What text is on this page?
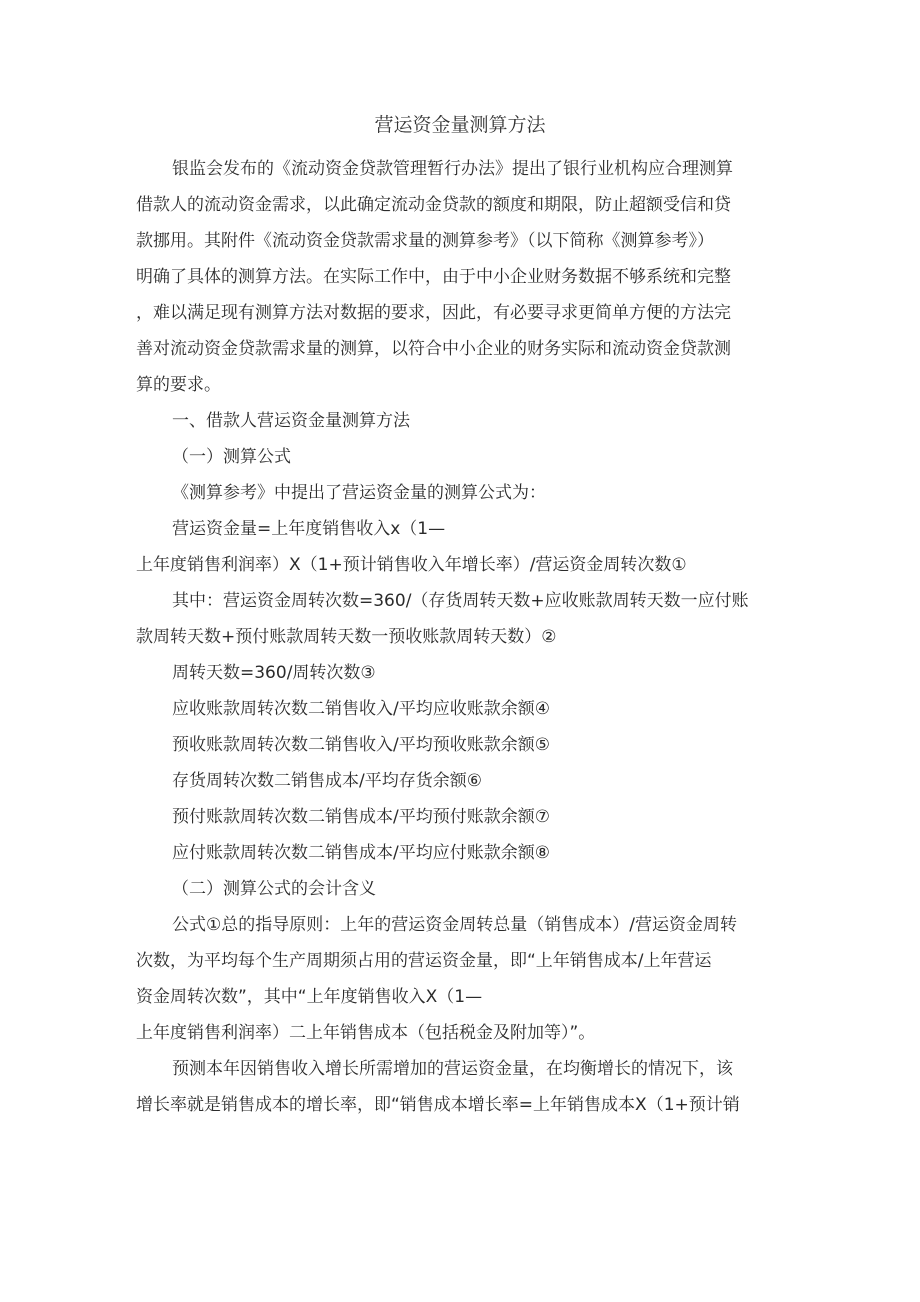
营运资金量测算方法
银监会发布的《流动资金贷款管理暂行办法》提出了银行业机构应合理测算
借款人的流动资金需求，以此确定流动金贷款的额度和期限，防止超额受信和贷
款挪用。其附件《流动资金贷款需求量的测算参考》（以下简称《测算参考》）
明确了具体的测算方法。在实际工作中，由于中小企业财务数据不够系统和完整
，难以满足现有测算方法对数据的要求，因此，有必要寻求更简单方便的方法完
善对流动资金贷款需求量的测算，以符合中小企业的财务实际和流动资金贷款测
算的要求。
一、借款人营运资金量测算方法
（一）测算公式
《测算参考》中提出了营运资金量的测算公式为：
营运资金量=上年度销售收入x（1—
上年度销售利润率）X（1+预计销售收入年增长率）/营运资金周转次数①
其中：营运资金周转次数=360/（存货周转天数+应收账款周转天数一应付账
款周转天数+预付账款周转天数一预收账款周转天数）②
周转天数=360/周转次数③
应收账款周转次数二销售收入/平均应收账款余额④
预收账款周转次数二销售收入/平均预收账款余额⑤
存货周转次数二销售成本/平均存货余额⑥
预付账款周转次数二销售成本/平均预付账款余额⑦
应付账款周转次数二销售成本/平均应付账款余额⑧
（二）测算公式的会计含义
公式①总的指导原则：上年的营运资金周转总量（销售成本）/营运资金周转
次数，为平均每个生产周期须占用的营运资金量，即“上年销售成本/上年营运
资金周转次数”，其中“上年度销售收入X（1—
上年度销售利润率）二上年销售成本（包括税金及附加等）”。
预测本年因销售收入增长所需增加的营运资金量，在均衡增长的情况下，该
增长率就是销售成本的增长率，即“销售成本增长率=上年销售成本X（1+预计销
